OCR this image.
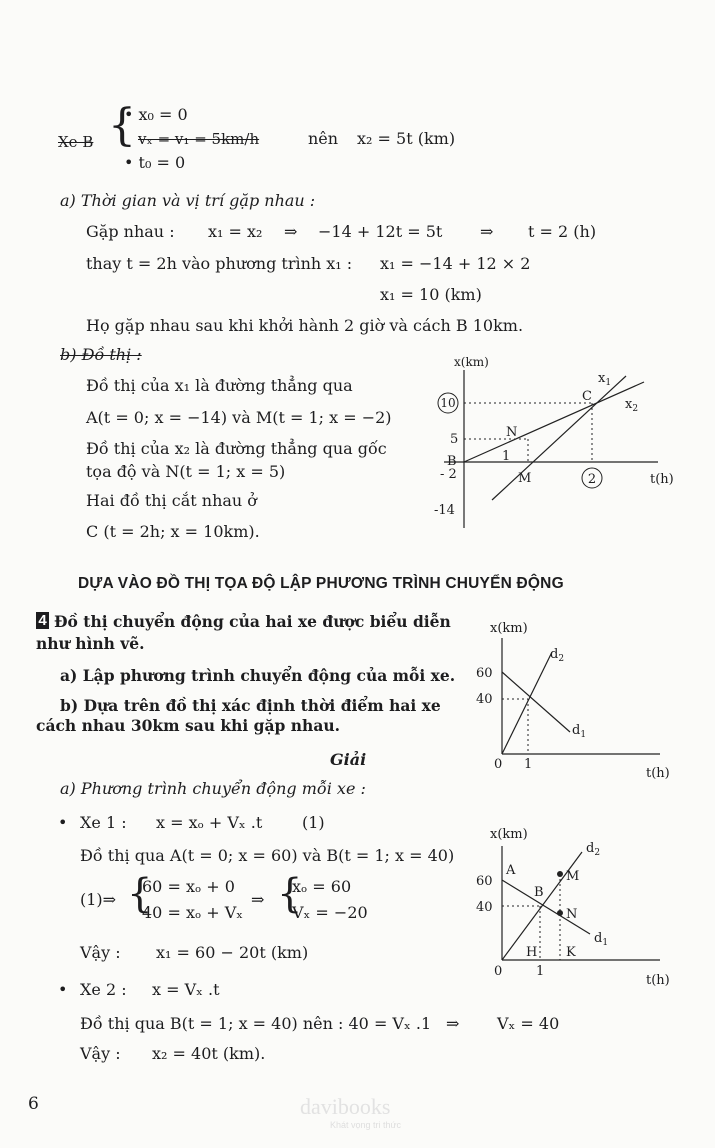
Xe B {
• x₀ = 0
vₓ = v₁ = 5km/h
• t₀ = 0
nên x₂ = 5t (km)
a) Thời gian và vị trí gặp nhau :
Gặp nhau : x₁ = x₂ ⇒ −14 + 12t = 5t ⇒ t = 2 (h)
thay t = 2h vào phương trình x₁ : x₁ = −14 + 12 × 2
x₁ = 10 (km)
Họ gặp nhau sau khi khởi hành 2 giờ và cách B 10km.
b) Đồ thị :
Đồ thị của x₁ là đường thẳng qua
A(t = 0; x = −14) và M(t = 1; x = −2)
Đồ thị của x₂ là đường thẳng qua gốc
tọa độ và N(t = 1; x = 5)
Hai đồ thị cắt nhau ở
C (t = 2h; x = 10km).
x(km)
t(h)
10
5
B
- 2
-14
1
2
C
N
M
$x_1$
$x_2$
DỰA VÀO ĐỒ THỊ TỌA ĐỘ LẬP PHƯƠNG TRÌNH CHUYỂN ĐỘNG
4 Đồ thị chuyển động của hai xe được biểu diễn
như hình vẽ.
a) Lập phương trình chuyển động của mỗi xe.
b) Dựa trên đồ thị xác định thời điểm hai xe
cách nhau 30km sau khi gặp nhau.
x(km)
t(h)
60
40
0 1
$d_1$
$d_2$
Giải
a) Phương trình chuyển động mỗi xe :
• Xe 1 : x = xₒ + Vₓ .t (1)
Đồ thị qua A(t = 0; x = 60) và B(t = 1; x = 40)
(1)⇒ {
60 = xₒ + 0
40 = xₒ + Vₓ
⇒ {
xₒ = 60
Vₓ = −20
Vậy : x₁ = 60 − 20t (km)
• Xe 2 : x = Vₓ .t
Đồ thị qua B(t = 1; x = 40) nên : 40 = Vₓ .1 ⇒ Vₓ = 40
Vậy : x₂ = 40t (km).
x(km)
t(h)
60
40
0	1
A
B
M
N
H K
$d_1$
$d_2$
6	davibooks
Khát vọng tri thức
